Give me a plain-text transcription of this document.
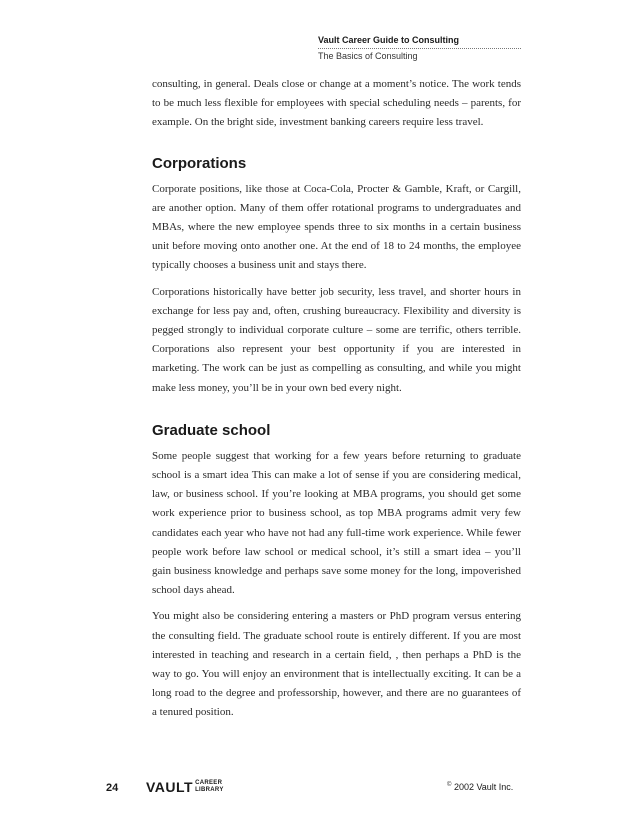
Vault Career Guide to Consulting
The Basics of Consulting

consulting, in general. Deals close or change at a moment’s notice. The work tends to be much less flexible for employees with special scheduling needs – parents, for example. On the bright side, investment banking careers require less travel.

Corporations

Corporate positions, like those at Coca-Cola, Procter & Gamble, Kraft, or Cargill, are another option. Many of them offer rotational programs to undergraduates and MBAs, where the new employee spends three to six months in a certain business unit before moving onto another one. At the end of 18 to 24 months, the employee typically chooses a business unit and stays there.

Corporations historically have better job security, less travel, and shorter hours in exchange for less pay and, often, crushing bureaucracy. Flexibility and diversity is pegged strongly to individual corporate culture – some are terrific, others terrible. Corporations also represent your best opportunity if you are interested in marketing. The work can be just as compelling as consulting, and while you might make less money, you’ll be in your own bed every night.

Graduate school

Some people suggest that working for a few years before returning to graduate school is a smart idea This can make a lot of sense if you are considering medical, law, or business school. If you’re looking at MBA programs, you should get some work experience prior to business school, as top MBA programs admit very few candidates each year who have not had any full-time work experience. While fewer people work before law school or medical school, it’s still a smart idea – you’ll gain business knowledge and perhaps save some money for the long, impoverished school days ahead.

You might also be considering entering a masters or PhD program versus entering the consulting field. The graduate school route is entirely different. If you are most interested in teaching and research in a certain field, , then perhaps a PhD is the way to go. You will enjoy an environment that is intellectually exciting. It can be a long road to the degree and professorship, however, and there are no guarantees of a tenured position.

24 VAULT CAREER
LIBRARY
© 2002 Vault Inc.
